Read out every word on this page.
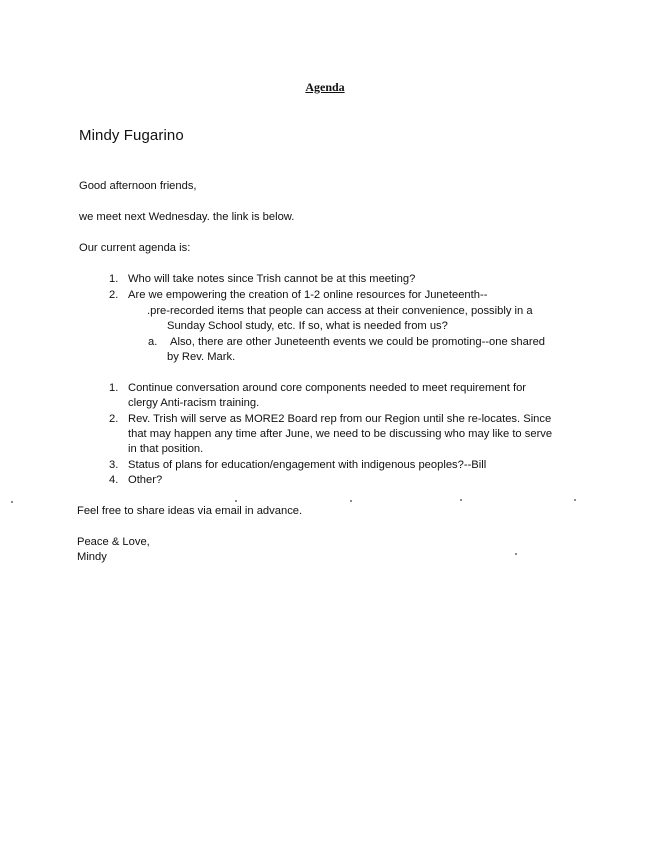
Agenda
Mindy Fugarino
Good afternoon friends,
we meet next Wednesday. the link is below.
Our current agenda is:
1. Who will take notes since Trish cannot be at this meeting?
2. Are we empowering the creation of 1-2 online resources for Juneteenth--
.pre-recorded items that people can access at their convenience, possibly in a
Sunday School study, etc. If so, what is needed from us?
a. Also, there are other Juneteenth events we could be promoting--one shared
by Rev. Mark.
1. Continue conversation around core components needed to meet requirement for
clergy Anti-racism training.
2. Rev. Trish will serve as MORE2 Board rep from our Region until she re-locates. Since
that may happen any time after June, we need to be discussing who may like to serve
in that position.
3. Status of plans for education/engagement with indigenous peoples?--Bill
4. Other?
Feel free to share ideas via email in advance.
Peace & Love,
Mindy
